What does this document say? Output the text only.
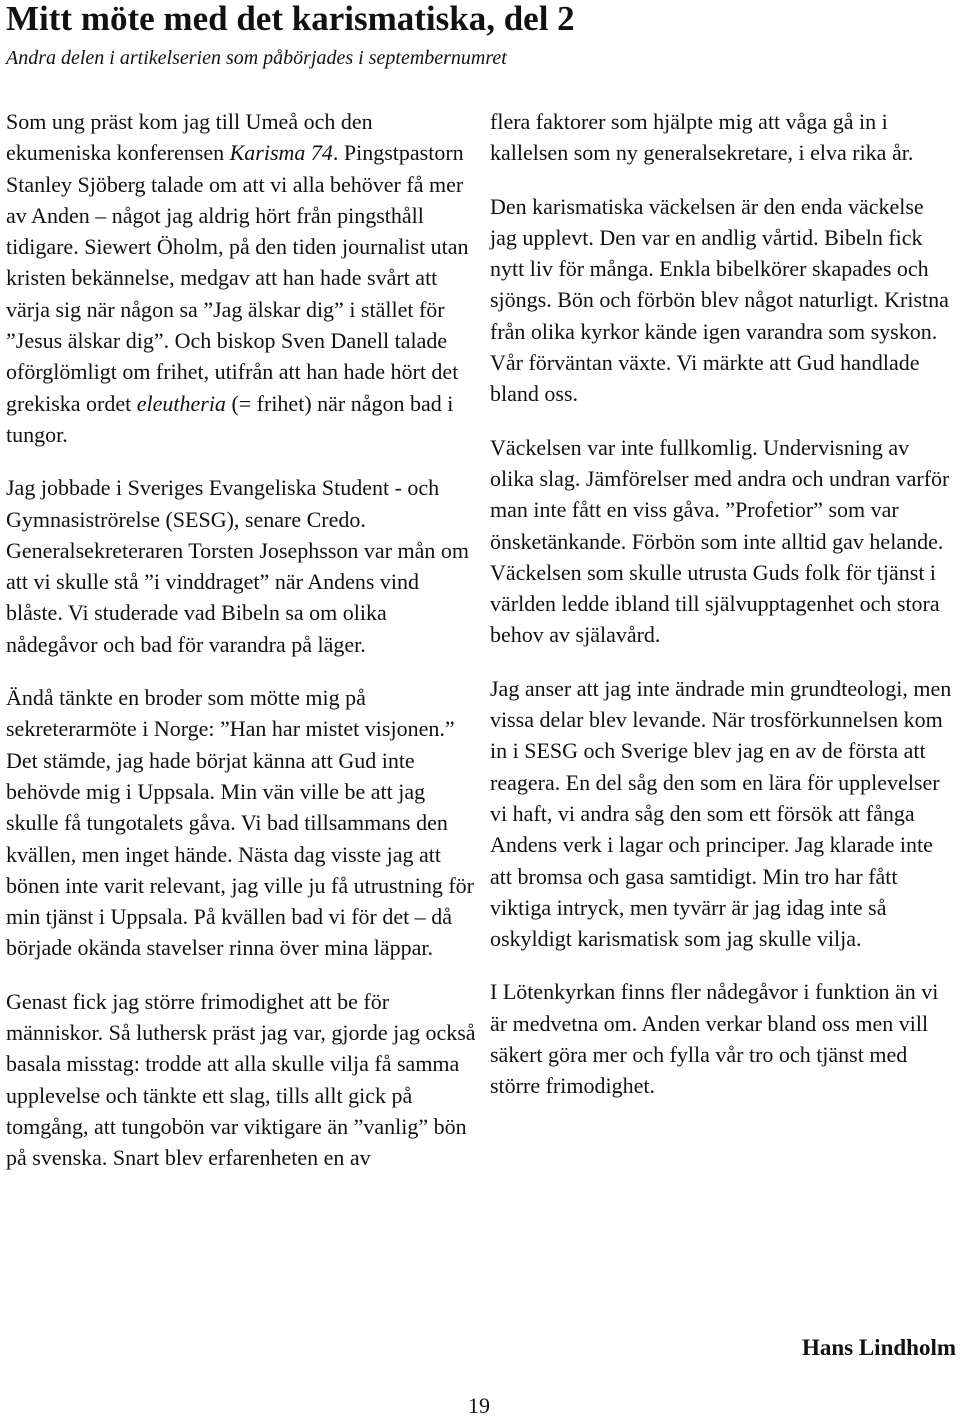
Mitt möte med det karismatiska, del 2
Andra delen i artikelserien som påbörjades i septembernumret

Som ung präst kom jag till Umeå och den ekumeniska konferensen Karisma 74. Pingstpastorn Stanley Sjöberg talade om att vi alla behöver få mer av Anden – något jag aldrig hört från pingsthåll tidigare. Siewert Öholm, på den tiden journalist utan kristen bekännelse, medgav att han hade svårt att värja sig när någon sa ”Jag älskar dig” i stället för ”Jesus älskar dig”. Och biskop Sven Danell talade oförglömligt om frihet, utifrån att han hade hört det grekiska ordet eleutheria (= frihet) när någon bad i tungor.

Jag jobbade i Sveriges Evangeliska Student - och Gymnasiströrelse (SESG), senare Credo. Generalsekreteraren Torsten Josephsson var mån om att vi skulle stå ”i vinddraget” när Andens vind blåste. Vi studerade vad Bibeln sa om olika nådegåvor och bad för varandra på läger.

Ändå tänkte en broder som mötte mig på sekreterarmöte i Norge: ”Han har mistet visjonen.” Det stämde, jag hade börjat känna att Gud inte behövde mig i Uppsala. Min vän ville be att jag skulle få tungotalets gåva. Vi bad tillsammans den kvällen, men inget hände. Nästa dag visste jag att bönen inte varit relevant, jag ville ju få utrustning för min tjänst i Uppsala. På kvällen bad vi för det – då började okända stavelser rinna över mina läppar.

Genast fick jag större frimodighet att be för människor. Så luthersk präst jag var, gjorde jag också basala misstag: trodde att alla skulle vilja få samma upplevelse och tänkte ett slag, tills allt gick på tomgång, att tungobön var viktigare än ”vanlig” bön på svenska. Snart blev erfarenheten en av

flera faktorer som hjälpte mig att våga gå in i kallelsen som ny generalsekretare, i elva rika år.

Den karismatiska väckelsen är den enda väckelse jag upplevt. Den var en andlig vårtid. Bibeln fick nytt liv för många. Enkla bibelkörer skapades och sjöngs. Bön och förbön blev något naturligt. Kristna från olika kyrkor kände igen varandra som syskon. Vår förväntan växte. Vi märkte att Gud handlade bland oss.

Väckelsen var inte fullkomlig. Undervisning av olika slag. Jämförelser med andra och undran varför man inte fått en viss gåva. ”Profetior” som var önsketänkande. Förbön som inte alltid gav helande. Väckelsen som skulle utrusta Guds folk för tjänst i världen ledde ibland till självupptagenhet och stora behov av själavård.

Jag anser att jag inte ändrade min grundteologi, men vissa delar blev levande. När trosförkunnelsen kom in i SESG och Sverige blev jag en av de första att reagera. En del såg den som en lära för upplevelser vi haft, vi andra såg den som ett försök att fånga Andens verk i lagar och principer. Jag klarade inte att bromsa och gasa samtidigt. Min tro har fått viktiga intryck, men tyvärr är jag idag inte så oskyldigt karismatisk som jag skulle vilja.

I Lötenkyrkan finns fler nådegåvor i funktion än vi är medvetna om. Anden verkar bland oss men vill säkert göra mer och fylla vår tro och tjänst med större frimodighet.

Hans Lindholm
19
